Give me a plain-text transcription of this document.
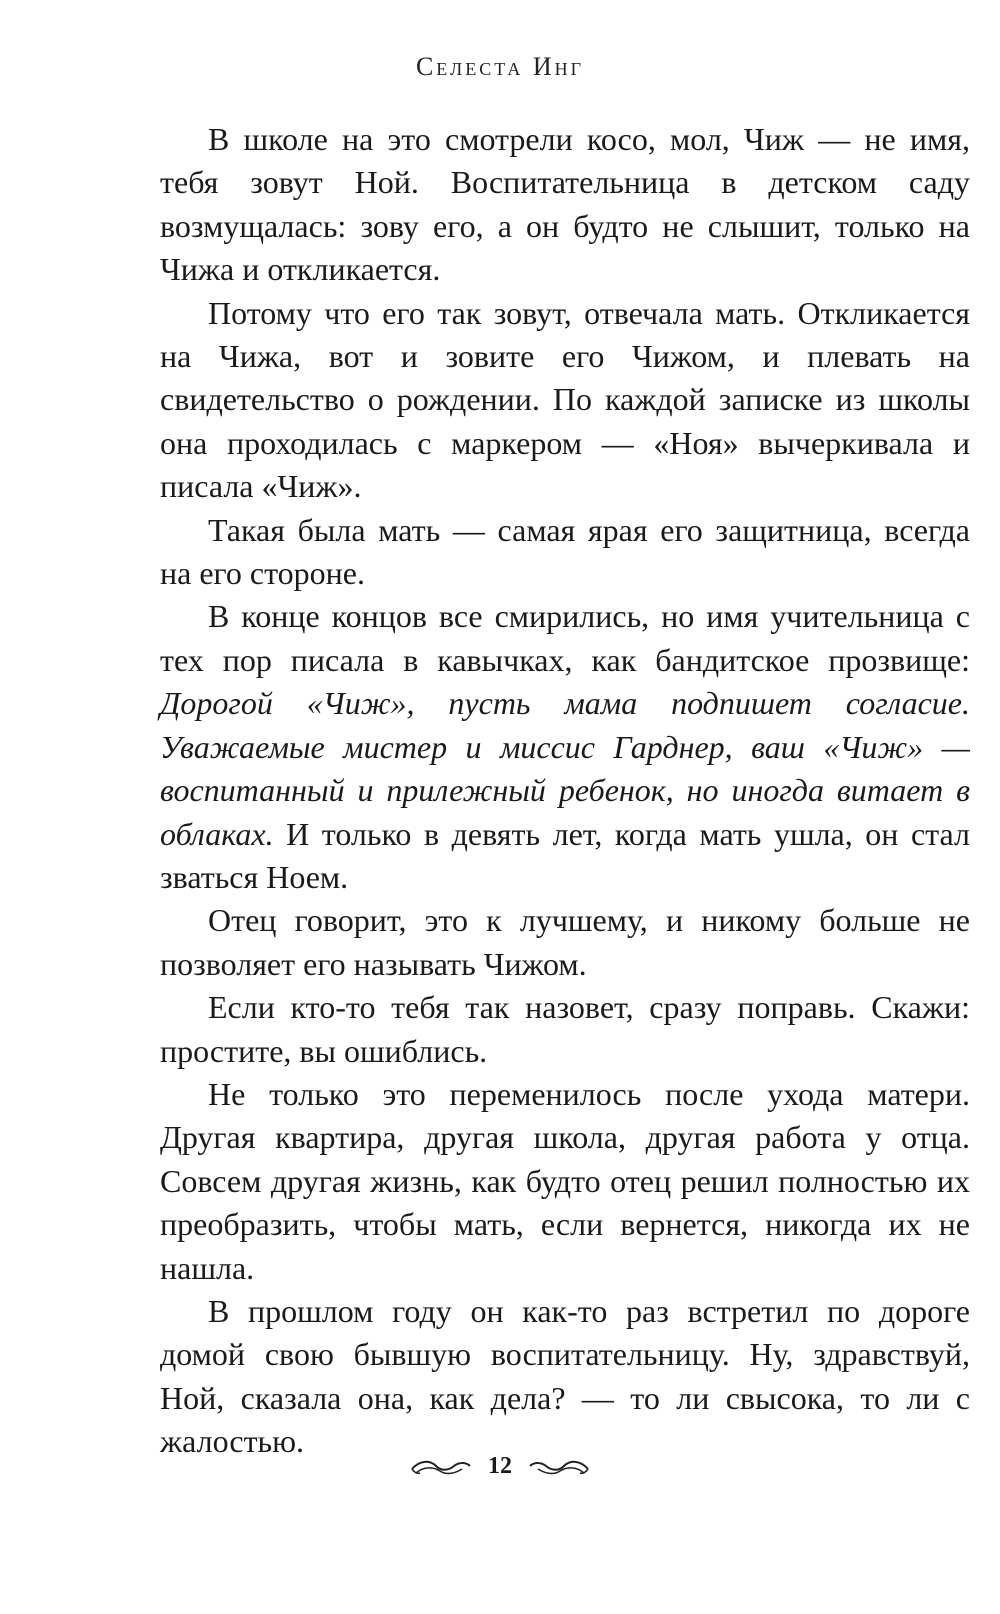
Селеста Инг

В школе на это смотрели косо, мол, Чиж — не имя, тебя зовут Ной. Воспитательница в детском саду возмущалась: зову его, а он будто не слышит, только на Чижа и откликается.

Потому что его так зовут, отвечала мать. Откликается на Чижа, вот и зовите его Чижом, и плевать на свидетельство о рождении. По каждой записке из школы она проходилась с маркером — «Ноя» вычеркивала и писала «Чиж».

Такая была мать — самая ярая его защитница, всегда на его стороне.

В конце концов все смирились, но имя учительница с тех пор писала в кавычках, как бандитское прозвище: Дорогой «Чиж», пусть мама подпишет согласие. Уважаемые мистер и миссис Гарднер, ваш «Чиж» — воспитанный и прилежный ребенок, но иногда витает в облаках. И только в девять лет, когда мать ушла, он стал зваться Ноем.

Отец говорит, это к лучшему, и никому больше не позволяет его называть Чижом.

Если кто-то тебя так назовет, сразу поправь. Скажи: простите, вы ошиблись.

Не только это переменилось после ухода матери. Другая квартира, другая школа, другая работа у отца. Совсем другая жизнь, как будто отец решил полностью их преобразить, чтобы мать, если вернется, никогда их не нашла.

В прошлом году он как-то раз встретил по дороге домой свою бывшую воспитательницу. Ну, здравствуй, Ной, сказала она, как дела? — то ли свысока, то ли с жалостью.

12
